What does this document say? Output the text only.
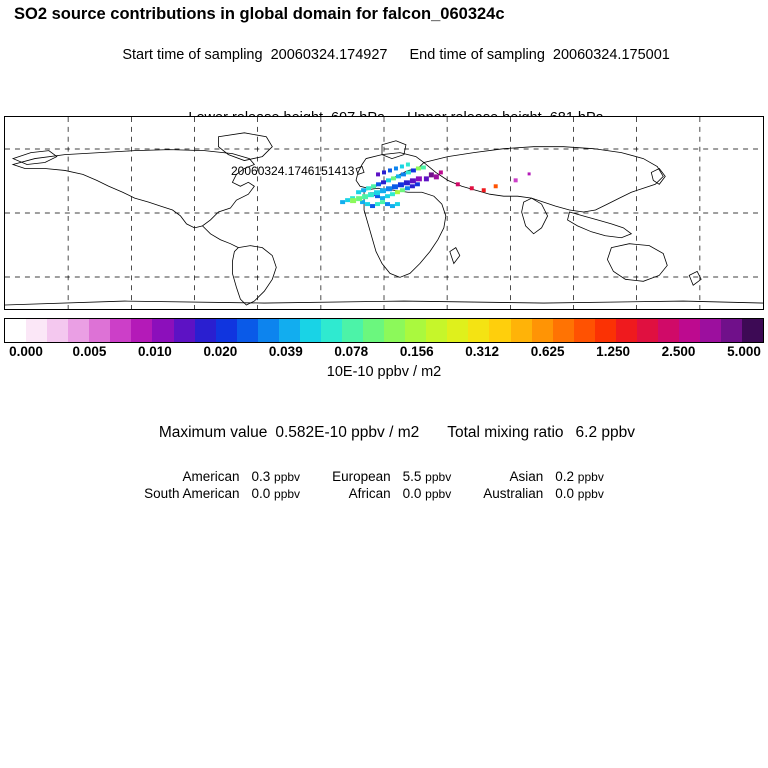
SO2 source contributions in global domain for falcon_060324c

Start time of sampling 20060324.174927 End time of sampling 20060324.175001

20060324.1746151413
0.000 0.005 0.010 0.020 0.039 0.078 0.156 0.312 0.625 1.250 2.500 5.000
10E-10 ppbv / m2

Maximum value 0.582E-10 ppbv / m2 Total mixing ratio 6.2 ppbv

American	0.3 ppbv	European	5.5 ppbv	Asian	0.2 ppbv
South American	0.0 ppbv	African	0.0 ppbv	Australian	0.0 ppbv
